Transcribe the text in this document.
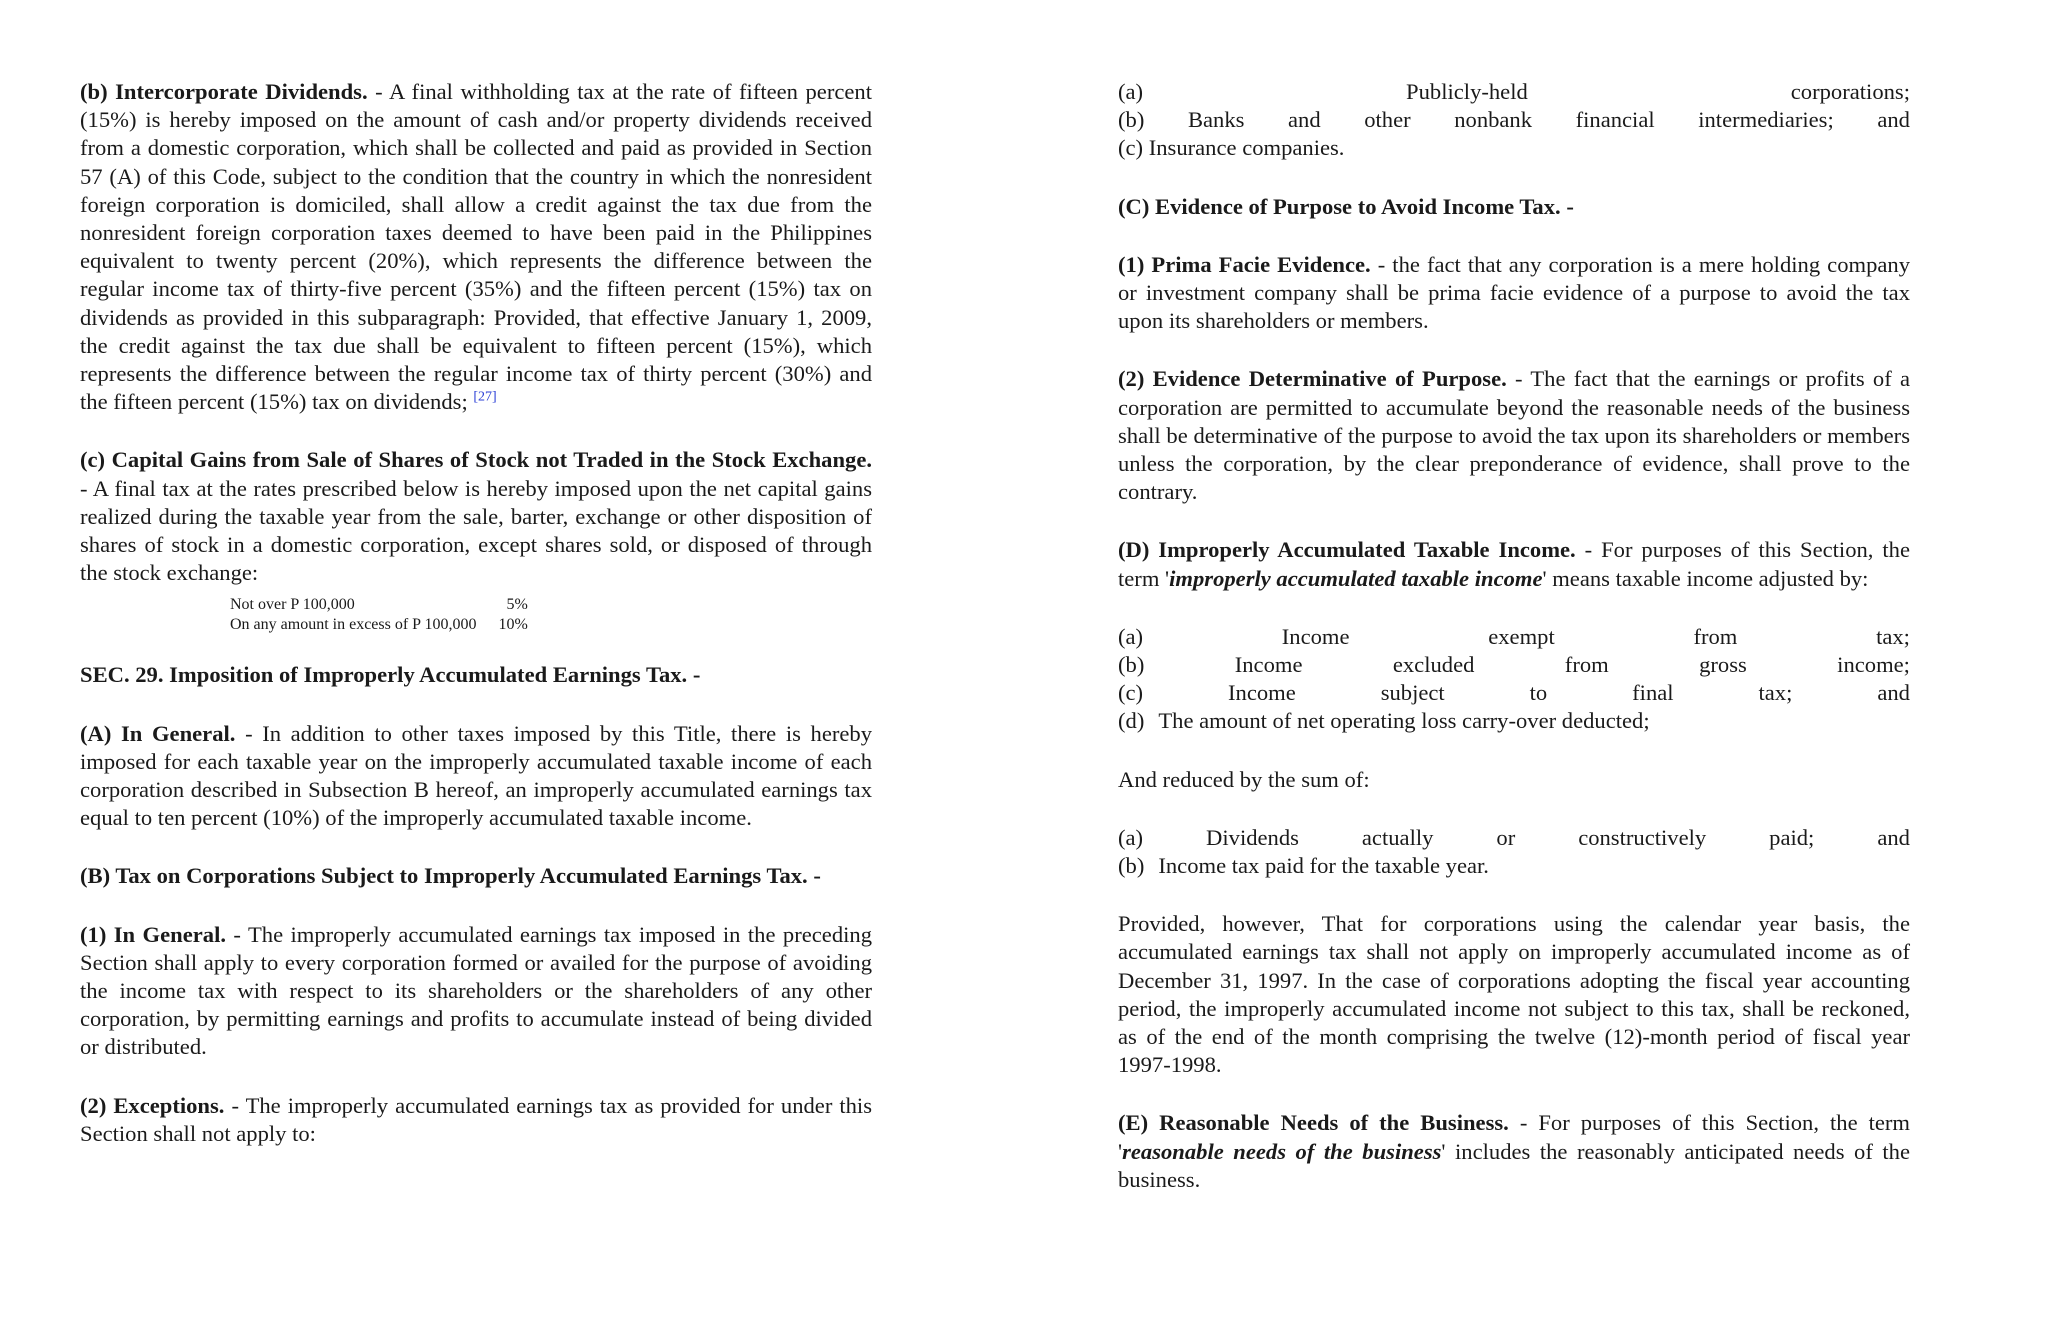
(b) Intercorporate Dividends. - A final withholding tax at the rate of fifteen percent (15%) is hereby imposed on the amount of cash and/or property dividends received from a domestic corporation, which shall be collected and paid as provided in Section 57 (A) of this Code, subject to the condition that the country in which the nonresident foreign corporation is domiciled, shall allow a credit against the tax due from the nonresident foreign corporation taxes deemed to have been paid in the Philippines equivalent to twenty percent (20%), which represents the difference between the regular income tax of thirty-five percent (35%) and the fifteen percent (15%) tax on dividends as provided in this subparagraph: Provided, that effective January 1, 2009, the credit against the tax due shall be equivalent to fifteen percent (15%), which represents the difference between the regular income tax of thirty percent (30%) and the fifteen percent (15%) tax on dividends; [27]

(c) Capital Gains from Sale of Shares of Stock not Traded in the Stock Exchange. - A final tax at the rates prescribed below is hereby imposed upon the net capital gains realized during the taxable year from the sale, barter, exchange or other disposition of shares of stock in a domestic corporation, except shares sold, or disposed of through the stock exchange:

Not over P 100,000	5%
On any amount in excess of P 100,000	10%

SEC. 29. Imposition of Improperly Accumulated Earnings Tax. -

(A) In General. - In addition to other taxes imposed by this Title, there is hereby imposed for each taxable year on the improperly accumulated taxable income of each corporation described in Subsection B hereof, an improperly accumulated earnings tax equal to ten percent (10%) of the improperly accumulated taxable income.

(B) Tax on Corporations Subject to Improperly Accumulated Earnings Tax. -

(1) In General. - The improperly accumulated earnings tax imposed in the preceding Section shall apply to every corporation formed or availed for the purpose of avoiding the income tax with respect to its shareholders or the shareholders of any other corporation, by permitting earnings and profits to accumulate instead of being divided or distributed.

(2) Exceptions. - The improperly accumulated earnings tax as provided for under this Section shall not apply to:

(a)	Publicly-held	corporations;
(b) Banks and other nonbank financial intermediaries; and
(c) Insurance companies.

(C) Evidence of Purpose to Avoid Income Tax. -

(1) Prima Facie Evidence. - the fact that any corporation is a mere holding company or investment company shall be prima facie evidence of a purpose to avoid the tax upon its shareholders or members.

(2) Evidence Determinative of Purpose. - The fact that the earnings or profits of a corporation are permitted to accumulate beyond the reasonable needs of the business shall be determinative of the purpose to avoid the tax upon its shareholders or members unless the corporation, by the clear preponderance of evidence, shall prove to the contrary.

(D) Improperly Accumulated Taxable Income. - For purposes of this Section, the term 'improperly accumulated taxable income' means taxable income adjusted by:

(a)	Income	exempt	from	tax;
(b)	Income	excluded	from	gross	income;
(c)	Income	subject	to	final	tax;	and
(d) The amount of net operating loss carry-over deducted;

And reduced by the sum of:

(a)	Dividends	actually	or	constructively	paid;	and
(b) Income tax paid for the taxable year.

Provided, however, That for corporations using the calendar year basis, the accumulated earnings tax shall not apply on improperly accumulated income as of December 31, 1997. In the case of corporations adopting the fiscal year accounting period, the improperly accumulated income not subject to this tax, shall be reckoned, as of the end of the month comprising the twelve (12)-month period of fiscal year 1997-1998.

(E) Reasonable Needs of the Business. - For purposes of this Section, the term 'reasonable needs of the business' includes the reasonably anticipated needs of the business.
